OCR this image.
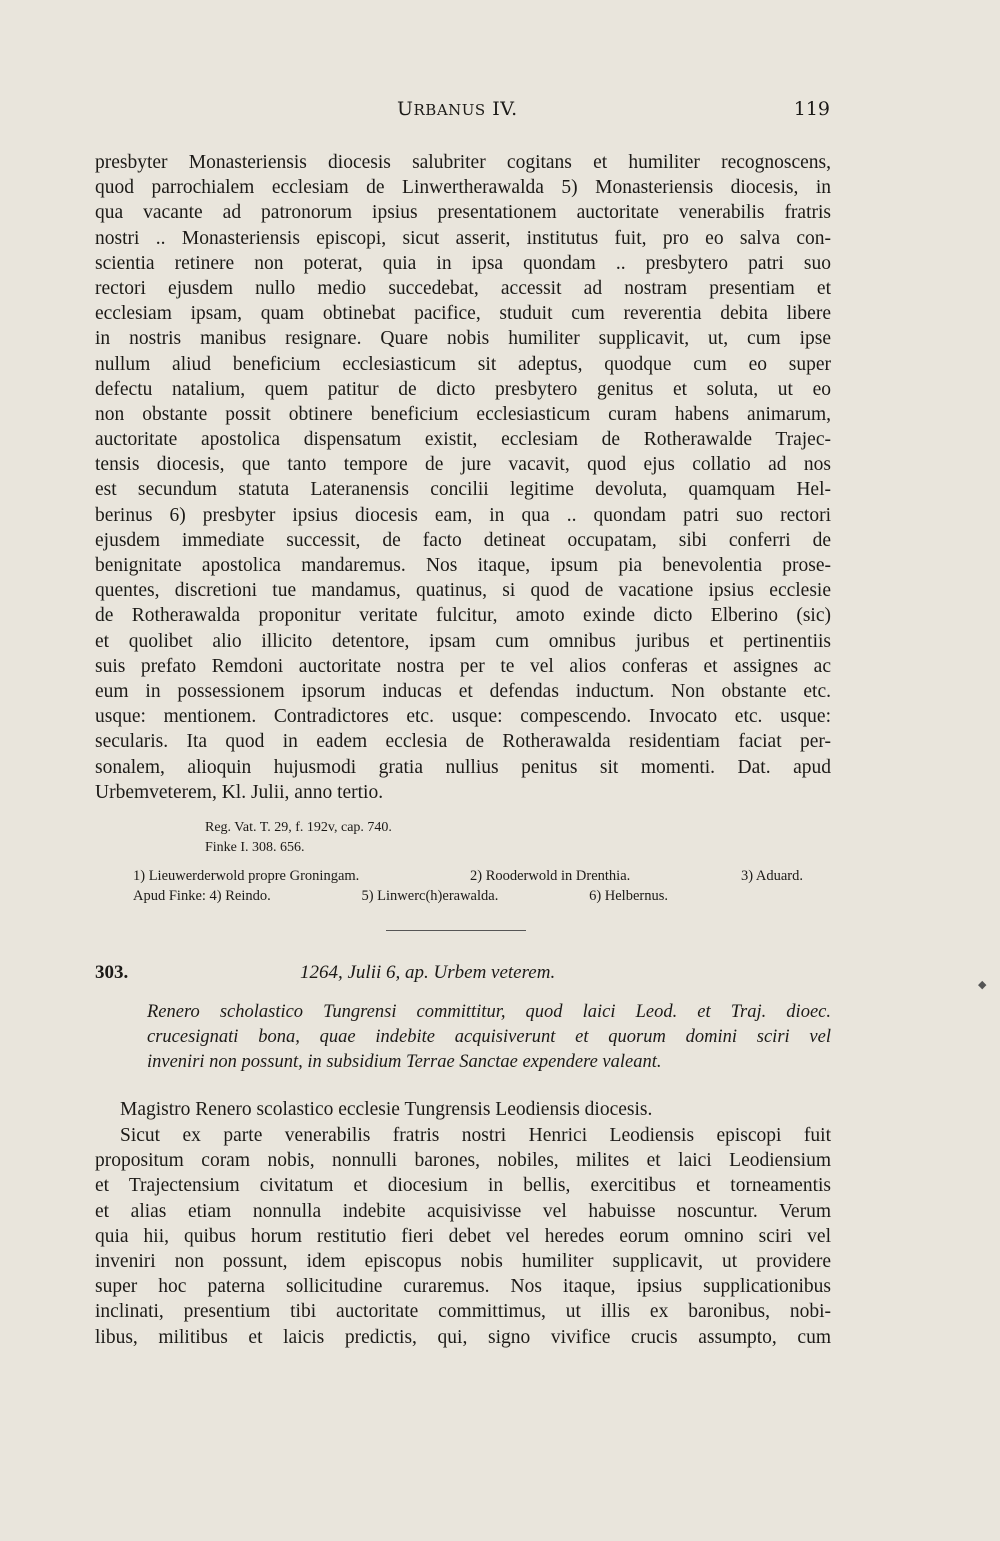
URBANUS IV.	119
presbyter Monasteriensis diocesis salubriter cogitans et humiliter recognoscens,
quod parrochialem ecclesiam de Linwertherawalda 5) Monasteriensis diocesis, in
qua vacante ad patronorum ipsius presentationem auctoritate venerabilis fratris
nostri .. Monasteriensis episcopi, sicut asserit, institutus fuit, pro eo salva con-
scientia retinere non poterat, quia in ipsa quondam .. presbytero patri suo
rectori ejusdem nullo medio succedebat, accessit ad nostram presentiam et
ecclesiam ipsam, quam obtinebat pacifice, studuit cum reverentia debita libere
in nostris manibus resignare. Quare nobis humiliter supplicavit, ut, cum ipse
nullum aliud beneficium ecclesiasticum sit adeptus, quodque cum eo super
defectu natalium, quem patitur de dicto presbytero genitus et soluta, ut eo
non obstante possit obtinere beneficium ecclesiasticum curam habens animarum,
auctoritate apostolica dispensatum existit, ecclesiam de Rotherawalde Trajec-
tensis diocesis, que tanto tempore de jure vacavit, quod ejus collatio ad nos
est secundum statuta Lateranensis concilii legitime devoluta, quamquam Hel-
berinus 6) presbyter ipsius diocesis eam, in qua .. quondam patri suo rectori
ejusdem immediate successit, de facto detineat occupatam, sibi conferri de
benignitate apostolica mandaremus. Nos itaque, ipsum pia benevolentia prose-
quentes, discretioni tue mandamus, quatinus, si quod de vacatione ipsius ecclesie
de Rotherawalda proponitur veritate fulcitur, amoto exinde dicto Elberino (sic)
et quolibet alio illicito detentore, ipsam cum omnibus juribus et pertinentiis
suis prefato Remdoni auctoritate nostra per te vel alios conferas et assignes ac
eum in possessionem ipsorum inducas et defendas inductum. Non obstante etc.
usque: mentionem. Contradictores etc. usque: compescendo. Invocato etc. usque:
secularis. Ita quod in eadem ecclesia de Rotherawalda residentiam faciat per-
sonalem, alioquin hujusmodi gratia nullius penitus sit momenti. Dat. apud
Urbemveterem, Kl. Julii, anno tertio.
Reg. Vat. T. 29, f. 192v, cap. 740.
Finke I. 308. 656.
1) Lieuwerderwold propre Groningam.	2) Rooderwold in Drenthia.	3) Aduard.
Apud Finke: 4) Reindo.	5) Linwerc(h)erawalda.	6) Helbernus.
303.	1264, Julii 6, ap. Urbem veterem.
Renero scholastico Tungrensi committitur, quod laici Leod. et Traj. dioec.
crucesignati bona, quae indebite acquisiverunt et quorum domini sciri vel
inveniri non possunt, in subsidium Terrae Sanctae expendere valeant.
Magistro Renero scolastico ecclesie Tungrensis Leodiensis diocesis.
Sicut ex parte venerabilis fratris nostri Henrici Leodiensis episcopi fuit
propositum coram nobis, nonnulli barones, nobiles, milites et laici Leodiensium
et Trajectensium civitatum et diocesium in bellis, exercitibus et torneamentis
et alias etiam nonnulla indebite acquisivisse vel habuisse noscuntur. Verum
quia hii, quibus horum restitutio fieri debet vel heredes eorum omnino sciri vel
inveniri non possunt, idem episcopus nobis humiliter supplicavit, ut providere
super hoc paterna sollicitudine curaremus. Nos itaque, ipsius supplicationibus
inclinati, presentium tibi auctoritate committimus, ut illis ex baronibus, nobi-
libus, militibus et laicis predictis, qui, signo vivifice crucis assumpto, cum
◆
